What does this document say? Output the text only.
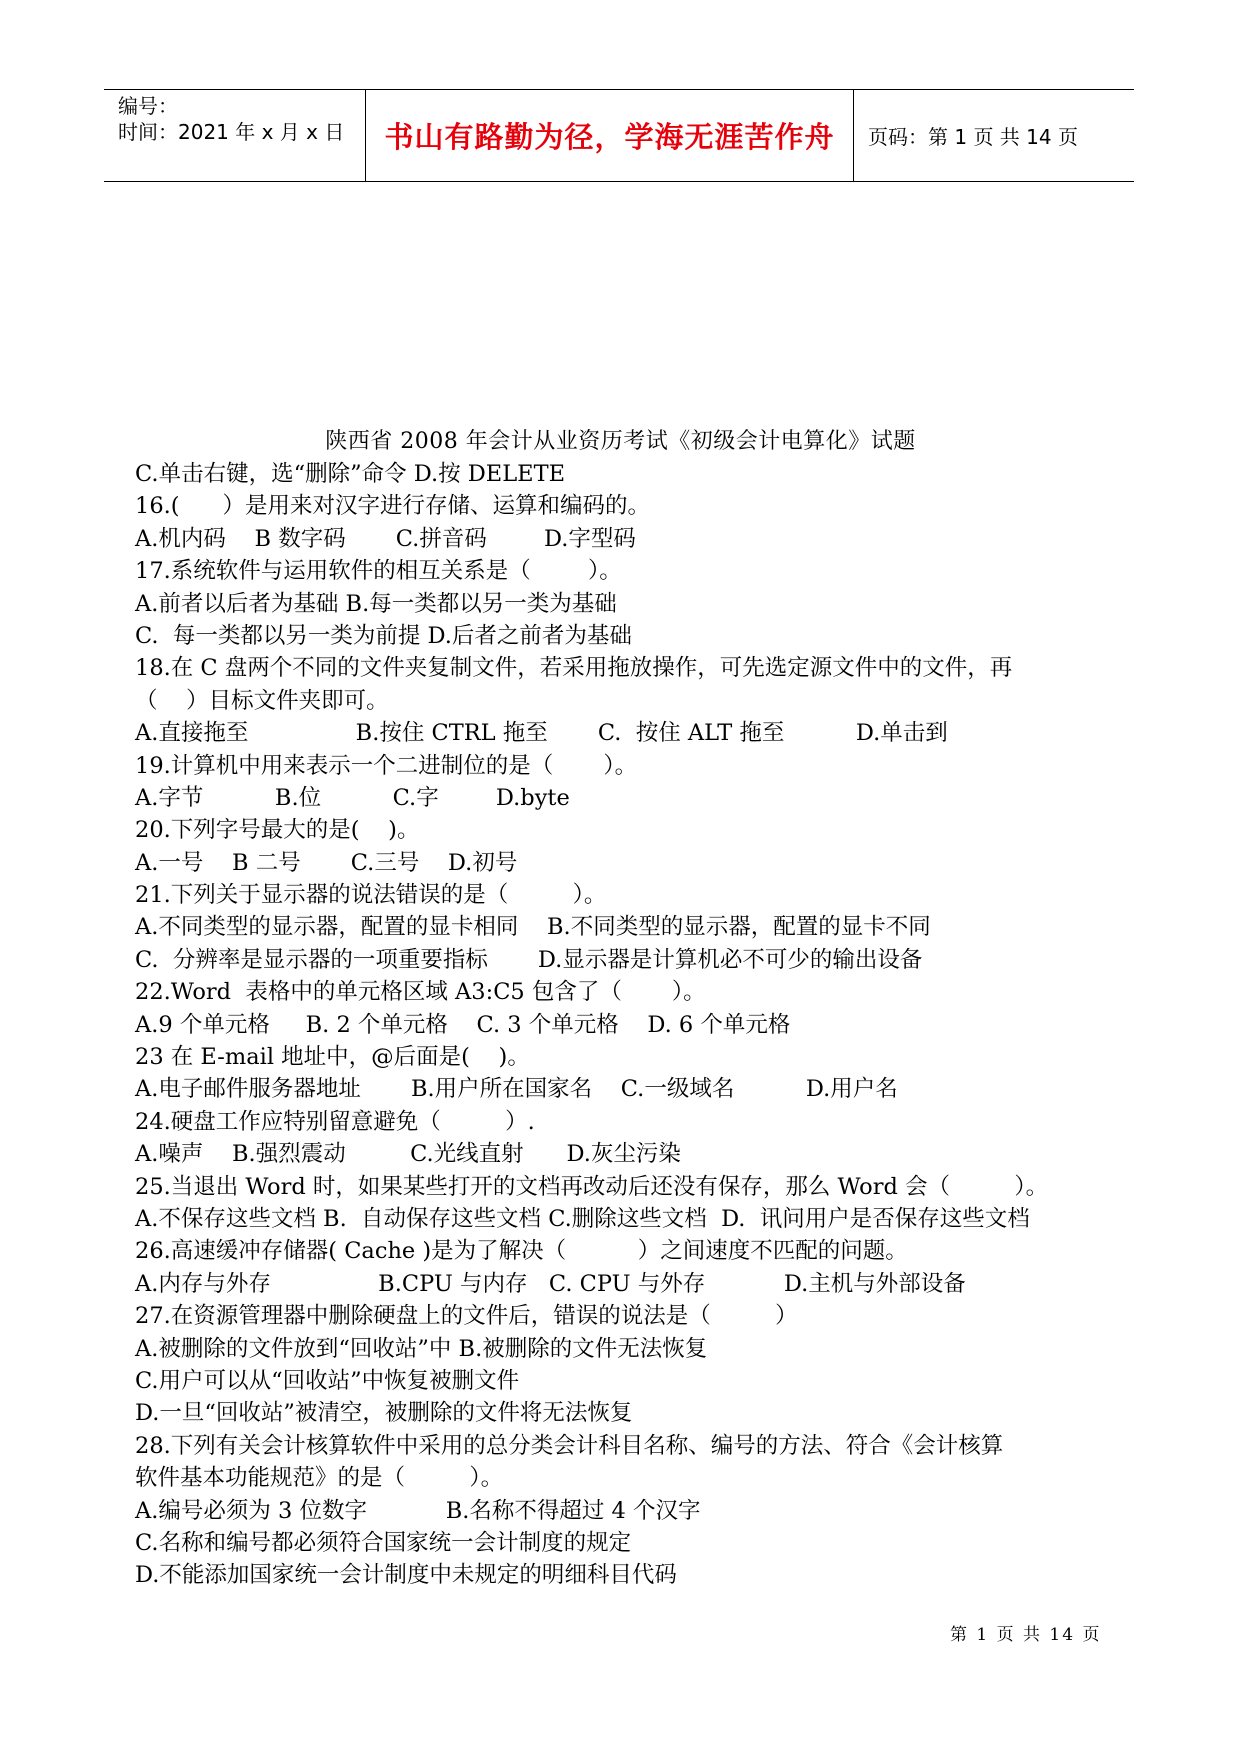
编号：
时间：2021 年 x 月 x 日	书山有路勤为径，学海无涯苦作舟	页码：第 1 页 共 14 页
陕西省 2008 年会计从业资历考试《初级会计电算化》试题
C.单击右键，选“删除”命令 D.按 DELETE
16.(      ）是用来对汉字进行存储、运算和编码的。
A.机内码    B 数字码       C.拼音码        D.字型码
17.系统软件与运用软件的相互关系是（        ）。
A.前者以后者为基础 B.每一类都以另一类为基础
C.  每一类都以另一类为前提 D.后者之前者为基础
18.在 C 盘两个不同的文件夹复制文件，若采用拖放操作，可先选定源文件中的文件，再
（    ）目标文件夹即可。
A.直接拖至               B.按住 CTRL 拖至       C.  按住 ALT 拖至          D.单击到
19.计算机中用来表示一个二进制位的是（       ）。
A.字节          B.位          C.字        D.byte
20.下列字号最大的是(    )。
A.一号    B 二号       C.三号    D.初号
21.下列关于显示器的说法错误的是（         ）。
A.不同类型的显示器，配置的显卡相同    B.不同类型的显示器，配置的显卡不同
C.  分辨率是显示器的一项重要指标       D.显示器是计算机必不可少的输出设备
22.Word  表格中的单元格区域 A3:C5 包含了（       ）。
A.9 个单元格     B. 2 个单元格    C. 3 个单元格    D. 6 个单元格
23 在 E-mail 地址中，@后面是(    )。
A.电子邮件服务器地址       B.用户所在国家名    C.一级域名          D.用户名
24.硬盘工作应特别留意避免（         ）.
A.噪声    B.强烈震动         C.光线直射      D.灰尘污染
25.当退出 Word 时，如果某些打开的文档再改动后还没有保存，那么 Word 会（         ）。
A.不保存这些文档 B.  自动保存这些文档 C.删除这些文档  D.  讯问用户是否保存这些文档
26.高速缓冲存储器( Cache )是为了解决（          ）之间速度不匹配的问题。
A.内存与外存               B.CPU 与内存   C. CPU 与外存           D.主机与外部设备
27.在资源管理器中删除硬盘上的文件后，错误的说法是（         ）
A.被删除的文件放到“回收站”中 B.被删除的文件无法恢复
C.用户可以从“回收站”中恢复被删文件
D.一旦“回收站”被清空，被删除的文件将无法恢复
28.下列有关会计核算软件中采用的总分类会计科目名称、编号的方法、符合《会计核算
软件基本功能规范》的是（         ）。
A.编号必须为 3 位数字           B.名称不得超过 4 个汉字
C.名称和编号都必须符合国家统一会计制度的规定
D.不能添加国家统一会计制度中未规定的明细科目代码
第 1 页 共 14 页
